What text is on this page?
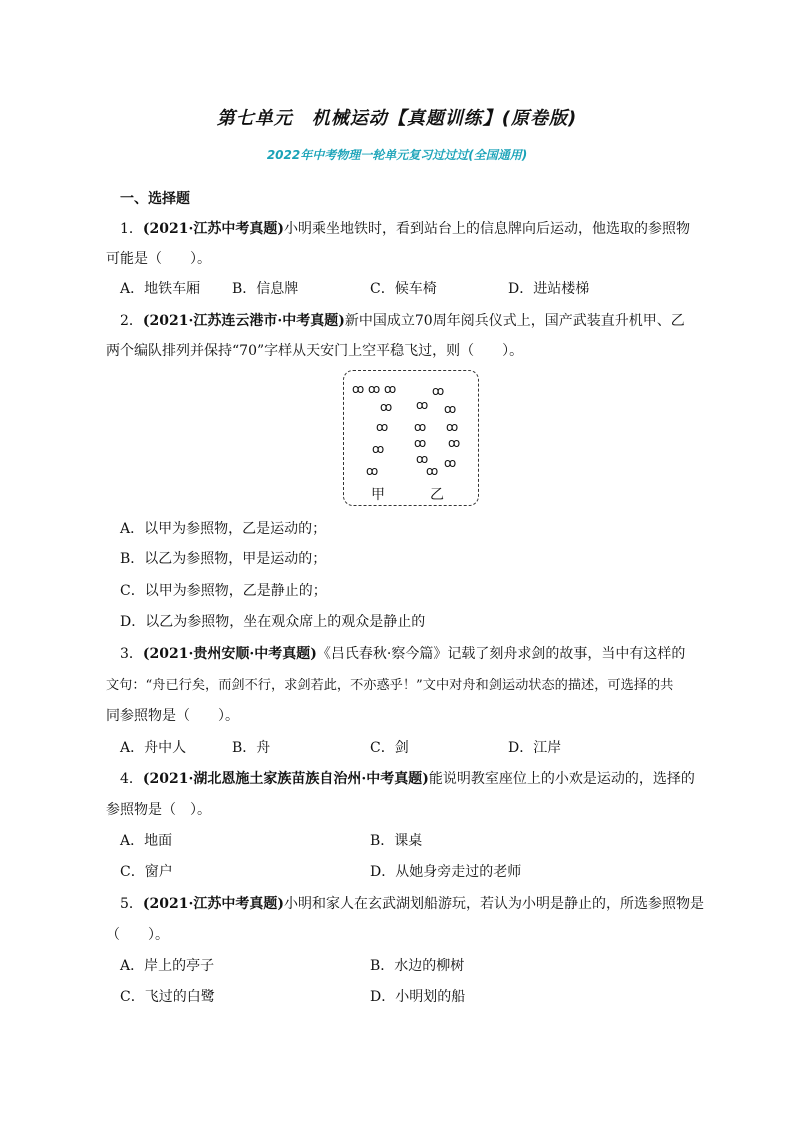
第七单元　机械运动【真题训练】(原卷版)
2022年中考物理一轮单元复习过过过(全国通用)
一、选择题
1．(2021·江苏中考真题)小明乘坐地铁时，看到站台上的信息牌向后运动，他选取的参照物
可能是（　　）。
A．地铁车厢 B．信息牌	C．候车椅	D．进站楼梯
2．(2021·江苏连云港市·中考真题)新中国成立70周年阅兵仪式上，国产武装直升机甲、乙
两个编队排列并保持“70”字样从天安门上空平稳飞过，则（　　）。
ꝏ ꝏ ꝏ
ꝏ
ꝏ
ꝏ
ꝏ
ꝏ
ꝏ ꝏ
ꝏ ꝏ
ꝏ ꝏ
ꝏ ꝏ
ꝏ
甲	乙
A．以甲为参照物，乙是运动的；
B．以乙为参照物，甲是运动的；
C．以甲为参照物，乙是静止的；
D．以乙为参照物，坐在观众席上的观众是静止的
3．(2021·贵州安顺·中考真题)《吕氏春秋·察今篇》记载了刻舟求剑的故事，当中有这样的
文句：“舟已行矣，而剑不行，求剑若此，不亦惑乎！”文中对舟和剑运动状态的描述，可选择的共
同参照物是（　　）。
A．舟中人	B．舟	C．剑	D．江岸
4．(2021·湖北恩施土家族苗族自治州·中考真题)能说明教室座位上的小欢是运动的，选择的
参照物是（　）。
A．地面	B．课桌
C．窗户	D．从她身旁走过的老师
5．(2021·江苏中考真题)小明和家人在玄武湖划船游玩，若认为小明是静止的，所选参照物是
（　　）。
A．岸上的亭子	B．水边的柳树
C．飞过的白鹭	D．小明划的船
